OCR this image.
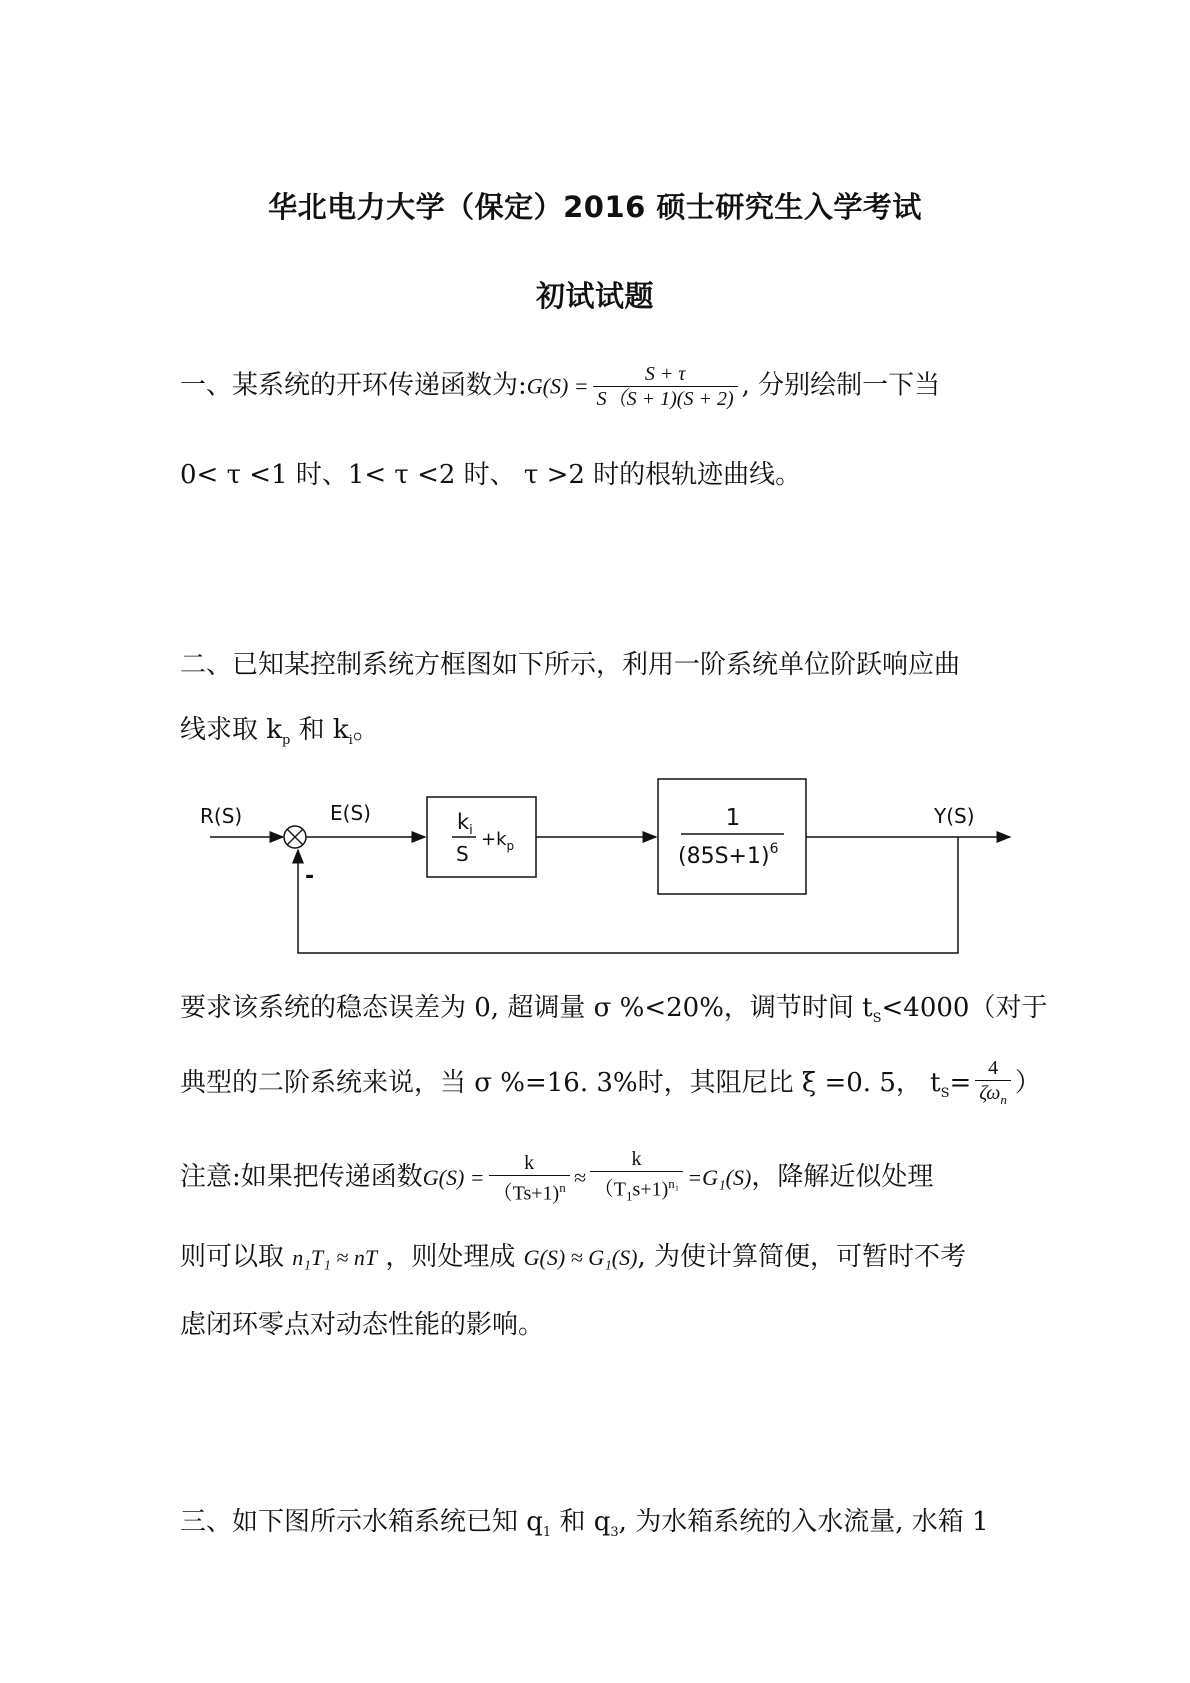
华北电力大学（保定）2016 硕士研究生入学考试
初试试题
一、某系统的开环传递函数为:G(S) = $\frac{S + \tau}{S(S + 1)(S + 2)}$ , 分别绘制一下当
0< τ <1 时、1< τ <2 时、 τ >2 时的根轨迹曲线。
二、已知某控制系统方框图如下所示，利用一阶系统单位阶跃响应曲
线求取 $k_p$ 和 $k_i$。
R(S)
-
E(S)	$k_i$
S
$+k_p$
1
$(85S+1)^6$
Y(S)
要求该系统的稳态误差为 0, 超调量 σ %<20%，调节时间 $t_S<4000$（对于
典型的二阶系统来说，当 σ %=16. 3%时，其阻尼比 ξ =0. 5， $t_S= \frac{4}{\zeta\omega_n}$ ）
注意:如果把传递函数$G(S) = \frac{k}{(Ts+1)^n} \approx \frac{k}{(T_1s+1)^{n_1}} =G_1(S)$，降解近似处理
则可以取 n₁T₁ ≈ nT ，则处理成 G(S) ≈ G₁(S), 为使计算简便，可暂时不考
虑闭环零点对动态性能的影响。
三、如下图所示水箱系统已知 $q_1$ 和 $q_3$, 为水箱系统的入水流量, 水箱 1
